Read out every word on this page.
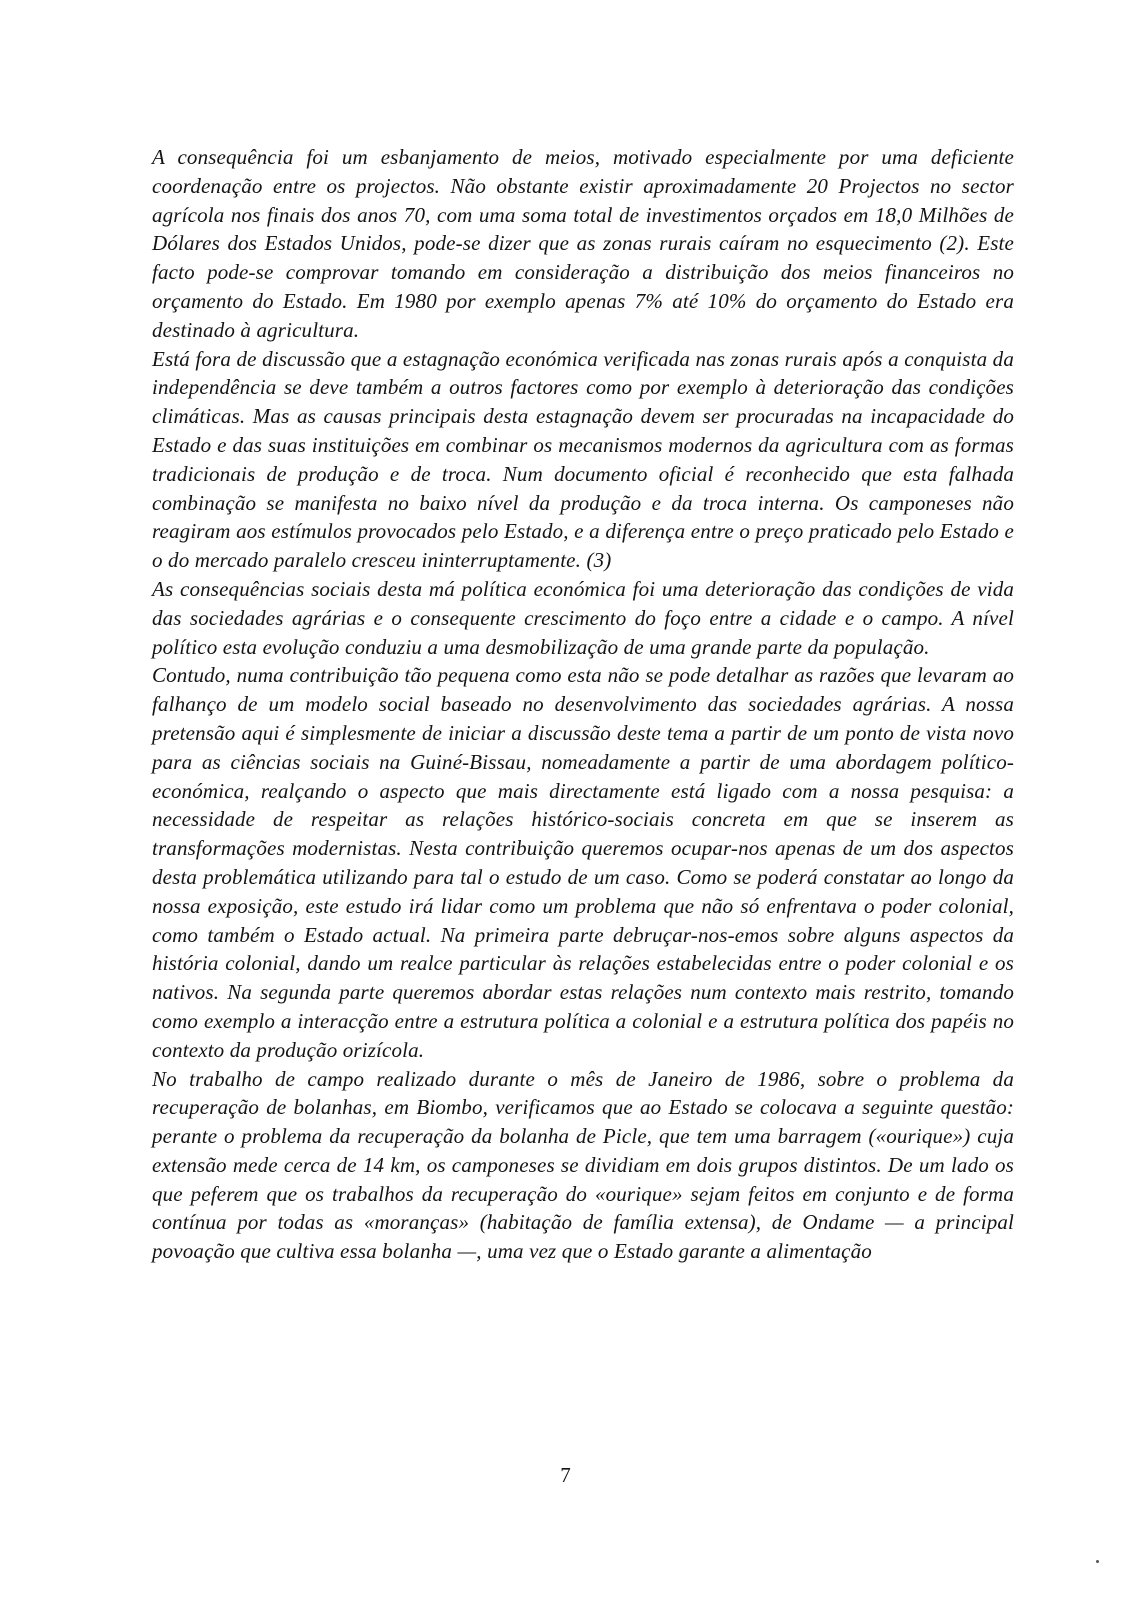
A consequência foi um esbanjamento de meios, motivado especialmente por uma deficiente coordenação entre os projectos. Não obstante existir aproximadamente 20 Projectos no sector agrícola nos finais dos anos 70, com uma soma total de investimentos orçados em 18,0 Milhões de Dólares dos Estados Unidos, pode-se dizer que as zonas rurais caíram no esquecimento (2). Este facto pode-se comprovar tomando em consideração a distribuição dos meios financeiros no orçamento do Estado. Em 1980 por exemplo apenas 7% até 10% do orçamento do Estado era destinado à agricultura.

Está fora de discussão que a estagnação económica verificada nas zonas rurais após a conquista da independência se deve também a outros factores como por exemplo à deterioração das condições climáticas. Mas as causas principais desta estagnação devem ser procuradas na incapacidade do Estado e das suas instituições em combinar os mecanismos modernos da agricultura com as formas tradicionais de produção e de troca. Num documento oficial é reconhecido que esta falhada combinação se manifesta no baixo nível da produção e da troca interna. Os camponeses não reagiram aos estímulos provocados pelo Estado, e a diferença entre o preço praticado pelo Estado e o do mercado paralelo cresceu ininterruptamente. (3)

As consequências sociais desta má política económica foi uma deterioração das condições de vida das sociedades agrárias e o consequente crescimento do foço entre a cidade e o campo. A nível político esta evolução conduziu a uma desmobilização de uma grande parte da população.

Contudo, numa contribuição tão pequena como esta não se pode detalhar as razões que levaram ao falhanço de um modelo social baseado no desenvolvimento das sociedades agrárias. A nossa pretensão aqui é simplesmente de iniciar a discussão deste tema a partir de um ponto de vista novo para as ciências sociais na Guiné-Bissau, nomeadamente a partir de uma abordagem político-económica, realçando o aspecto que mais directamente está ligado com a nossa pesquisa: a necessidade de respeitar as relações histórico-sociais concreta em que se inserem as transformações modernistas. Nesta contribuição queremos ocupar-nos apenas de um dos aspectos desta problemática utilizando para tal o estudo de um caso. Como se poderá constatar ao longo da nossa exposição, este estudo irá lidar como um problema que não só enfrentava o poder colonial, como também o Estado actual. Na primeira parte debruçar-nos-emos sobre alguns aspectos da história colonial, dando um realce particular às relações estabelecidas entre o poder colonial e os nativos. Na segunda parte queremos abordar estas relações num contexto mais restrito, tomando como exemplo a interacção entre a estrutura política a colonial e a estrutura política dos papéis no contexto da produção orizícola.

No trabalho de campo realizado durante o mês de Janeiro de 1986, sobre o problema da recuperação de bolanhas, em Biombo, verificamos que ao Estado se colocava a seguinte questão: perante o problema da recuperação da bolanha de Picle, que tem uma barragem («ourique») cuja extensão mede cerca de 14 km, os camponeses se dividiam em dois grupos distintos. De um lado os que peferem que os trabalhos da recuperação do «ourique» sejam feitos em conjunto e de forma contínua por todas as «moranças» (habitação de família extensa), de Ondame — a principal povoação que cultiva essa bolanha —, uma vez que o Estado garante a alimentação

7
